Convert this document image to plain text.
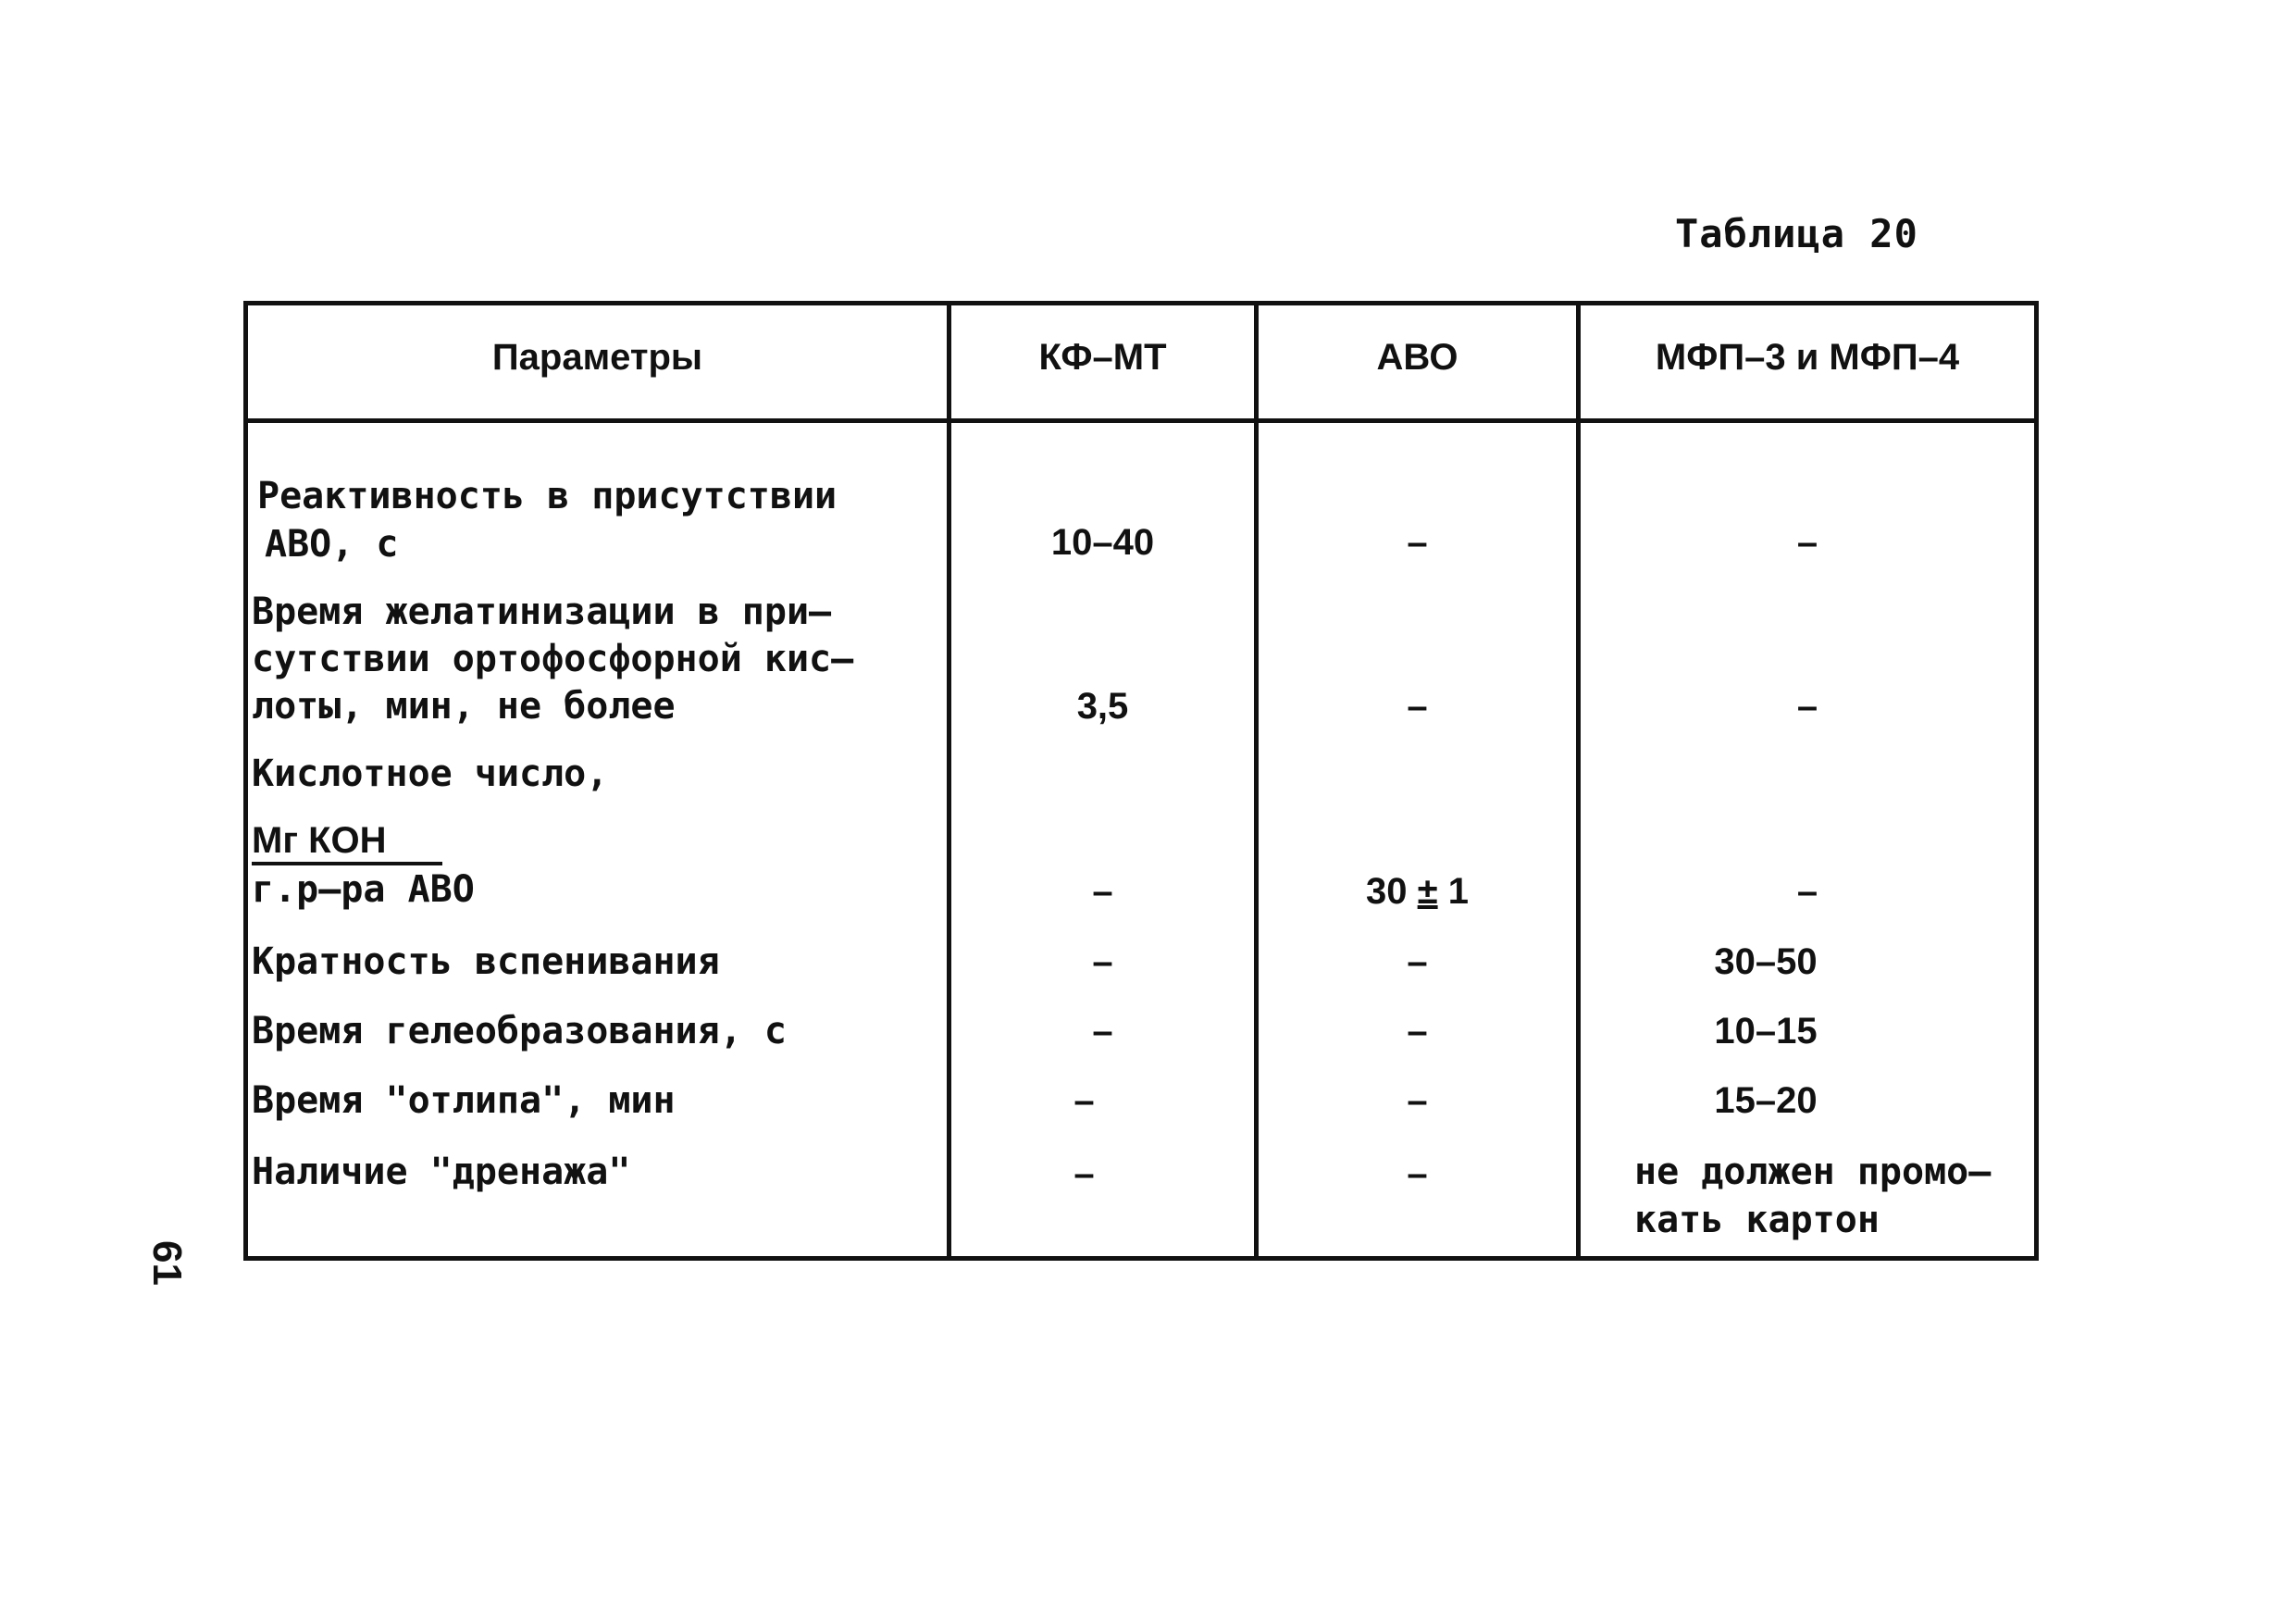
Таблица 20
Параметры	КФ–МТ	АВО	МФП–3 и МФП–4
Реактивность в присутствии
АВО, с	10–40	–	–
Время желатинизации в при–
сутствии ортофосфорной кис–
лоты, мин, не более	3,5	–	–
Кислотное число,
Мг КОН
г.р–ра АВО	–	30 ± 1	–
Кратность вспенивания	–	–	30–50
Время гелеобразования, с	–	–	10–15
Время "отлипа", мин	–	–	15–20
Наличие "дренажа"	–	–	не должен промо–
кать картон
61
